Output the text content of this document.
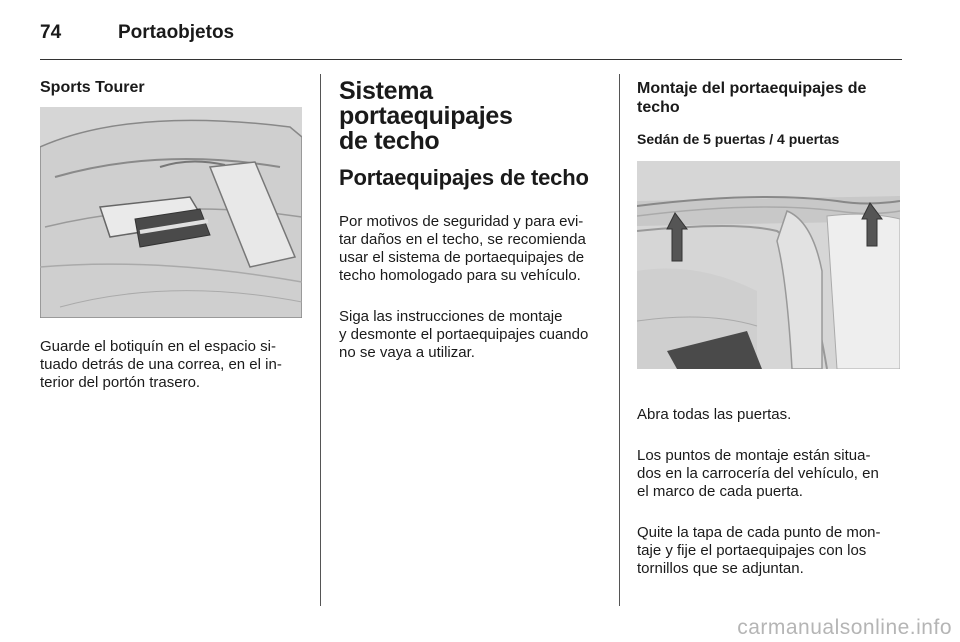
74	Portaobjetos
Sports Tourer
Guarde el botiquín en el espacio si-
tuado detrás de una correa, en el in-
terior del portón trasero.
Sistema portaequipajes
de techo
Portaequipajes de techo

Por motivos de seguridad y para evi-
tar daños en el techo, se recomienda
usar el sistema de portaequipajes de
techo homologado para su vehículo.

Siga las instrucciones de montaje
y desmonte el portaequipajes cuando
no se vaya a utilizar.

Montaje del portaequipajes de
techo
Sedán de 5 puertas / 4 puertas

Abra todas las puertas.

Los puntos de montaje están situa-
dos en la carrocería del vehículo, en
el marco de cada puerta.

Quite la tapa de cada punto de mon-
taje y fije el portaequipajes con los
tornillos que se adjuntan.

carmanualsonline.info
